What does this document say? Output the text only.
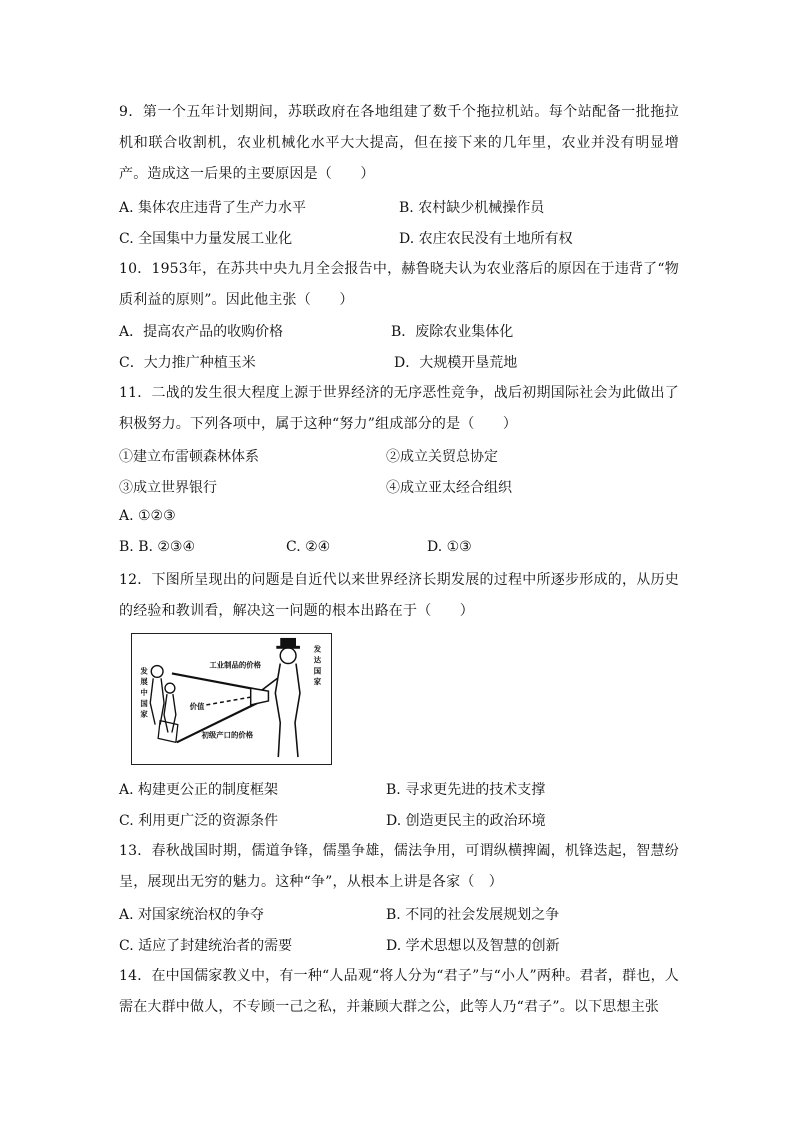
9．第一个五年计划期间，苏联政府在各地组建了数千个拖拉机站。每个站配备一批拖拉机和联合收割机，农业机械化水平大大提高，但在接下来的几年里，农业并没有明显增产。造成这一后果的主要原因是（　　）
A. 集体农庄违背了生产力水平	B. 农村缺少机械操作员
C. 全国集中力量发展工业化	D. 农庄农民没有土地所有权
10．1953年，在苏共中央九月全会报告中，赫鲁晓夫认为农业落后的原因在于违背了“物质利益的原则”。因此他主张（　　）
A．提高农产品的收购价格	B．废除农业集体化
C．大力推广种植玉米	D．大规模开垦荒地
11．二战的发生很大程度上源于世界经济的无序恶性竞争，战后初期国际社会为此做出了积极努力。下列各项中，属于这种“努力”组成部分的是（　　）
①建立布雷顿森林体系	②成立关贸总协定
③成立世界银行	④成立亚太经合组织
A. ①②③
B. B. ②③④	C. ②④	D. ①③
12．下图所呈现出的问题是自近代以来世界经济长期发展的过程中所逐步形成的，从历史的经验和教训看，解决这一问题的根本出路在于（　　）
发展中国家
工业制品的价格
价值
初级产口的价格
发达国家
A. 构建更公正的制度框架	B. 寻求更先进的技术支撑
C. 利用更广泛的资源条件	D. 创造更民主的政治环境
13．春秋战国时期，儒道争锋，儒墨争雄，儒法争用，可谓纵横捭阖，机锋迭起，智慧纷呈，展现出无穷的魅力。这种“争”，从根本上讲是各家（　）
A. 对国家统治权的争夺	B. 不同的社会发展规划之争
C. 适应了封建统治者的需要	D. 学术思想以及智慧的创新
14．在中国儒家教义中，有一种“人品观“将人分为“君子”与“小人”两种。君者，群也，人需在大群中做人，不专顾一己之私，并兼顾大群之公，此等人乃“君子”。以下思想主张
